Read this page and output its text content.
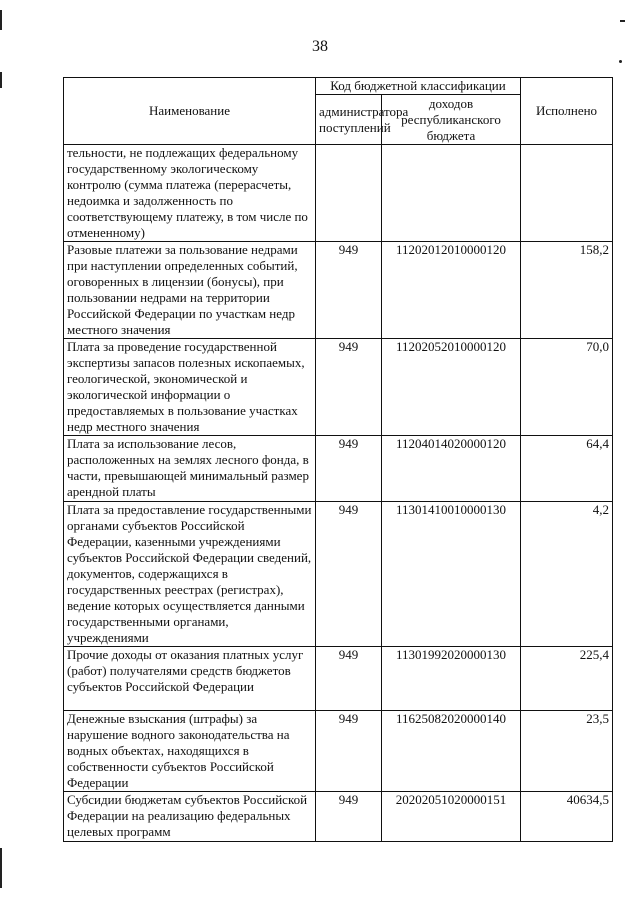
38
Наименование	Код бюджетной классификации		Исполнено
	администратора поступлений	доходов республиканского бюджета	
тельности, не подлежащих федеральному государственному экологическому контролю (сумма платежа (перерасчеты, недоимка и задолженность по соответствующему платежу, в том числе по отмененному)			
Разовые платежи за пользование недрами при наступлении определенных событий, оговоренных в лицензии (бонусы), при пользовании недрами на территории Российской Федерации по участкам недр местного значения	949	11202012010000120	158,2
Плата за проведение государственной экспертизы запасов полезных ископаемых, геологической, экономической и экологической информации о предоставляемых в пользование участках недр местного значения	949	11202052010000120	70,0
Плата за использование лесов, расположенных на землях лесного фонда, в части, превышающей минимальный размер арендной платы	949	11204014020000120	64,4
Плата за предоставление государственными органами субъектов Российской Федерации, казенными учреждениями субъектов Российской Федерации сведений, документов, содержащихся в государственных реестрах (регистрах), ведение которых осуществляется данными государственными органами, учреждениями	949	11301410010000130	4,2
Прочие доходы от оказания платных услуг (работ) получателями средств бюджетов субъектов Российской Федерации	949	11301992020000130	225,4
Денежные взыскания (штрафы) за нарушение водного законодательства на водных объектах, находящихся в собственности субъектов Российской Федерации	949	11625082020000140	23,5
Субсидии бюджетам субъектов Российской Федерации на реализацию федеральных целевых программ	949	20202051020000151	40634,5
